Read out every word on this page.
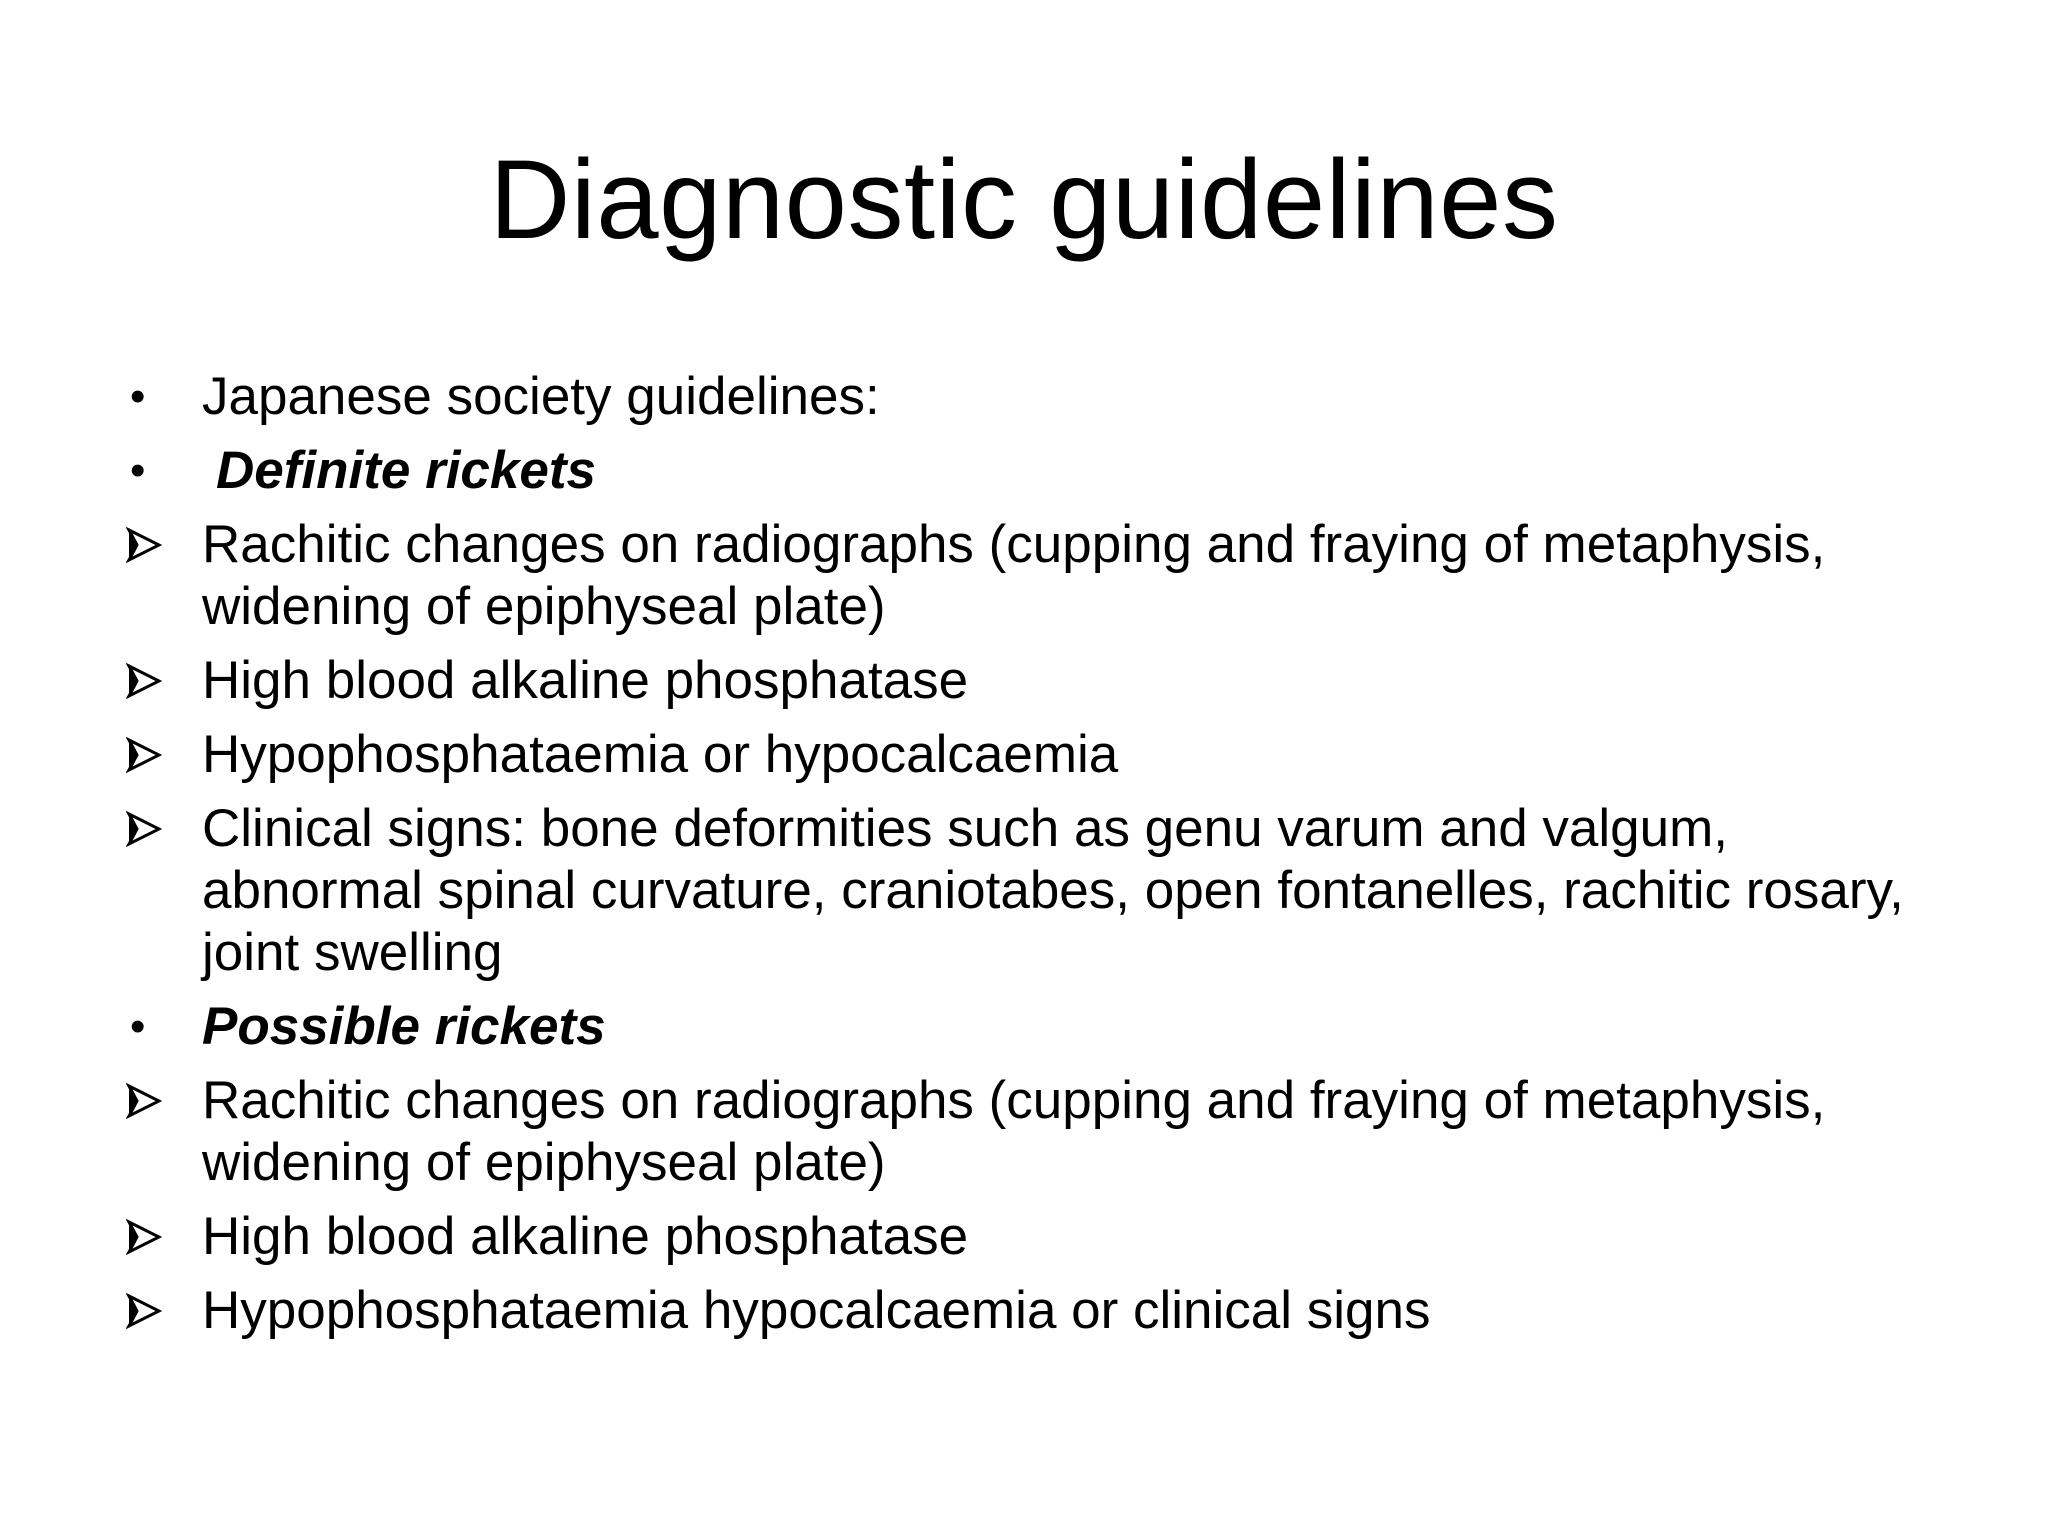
Diagnostic guidelines
•	Japanese society guidelines:
•	Definite rickets
Rachitic changes on radiographs (cupping and fraying of metaphysis, widening of epiphyseal plate)
High blood alkaline phosphatase
Hypophosphataemia or hypocalcaemia
Clinical signs: bone deformities such as genu varum and valgum, abnormal spinal curvature, craniotabes, open fontanelles, rachitic rosary, joint swelling
•	Possible rickets
Rachitic changes on radiographs (cupping and fraying of metaphysis, widening of epiphyseal plate)
High blood alkaline phosphatase
Hypophosphataemia hypocalcaemia or clinical signs
